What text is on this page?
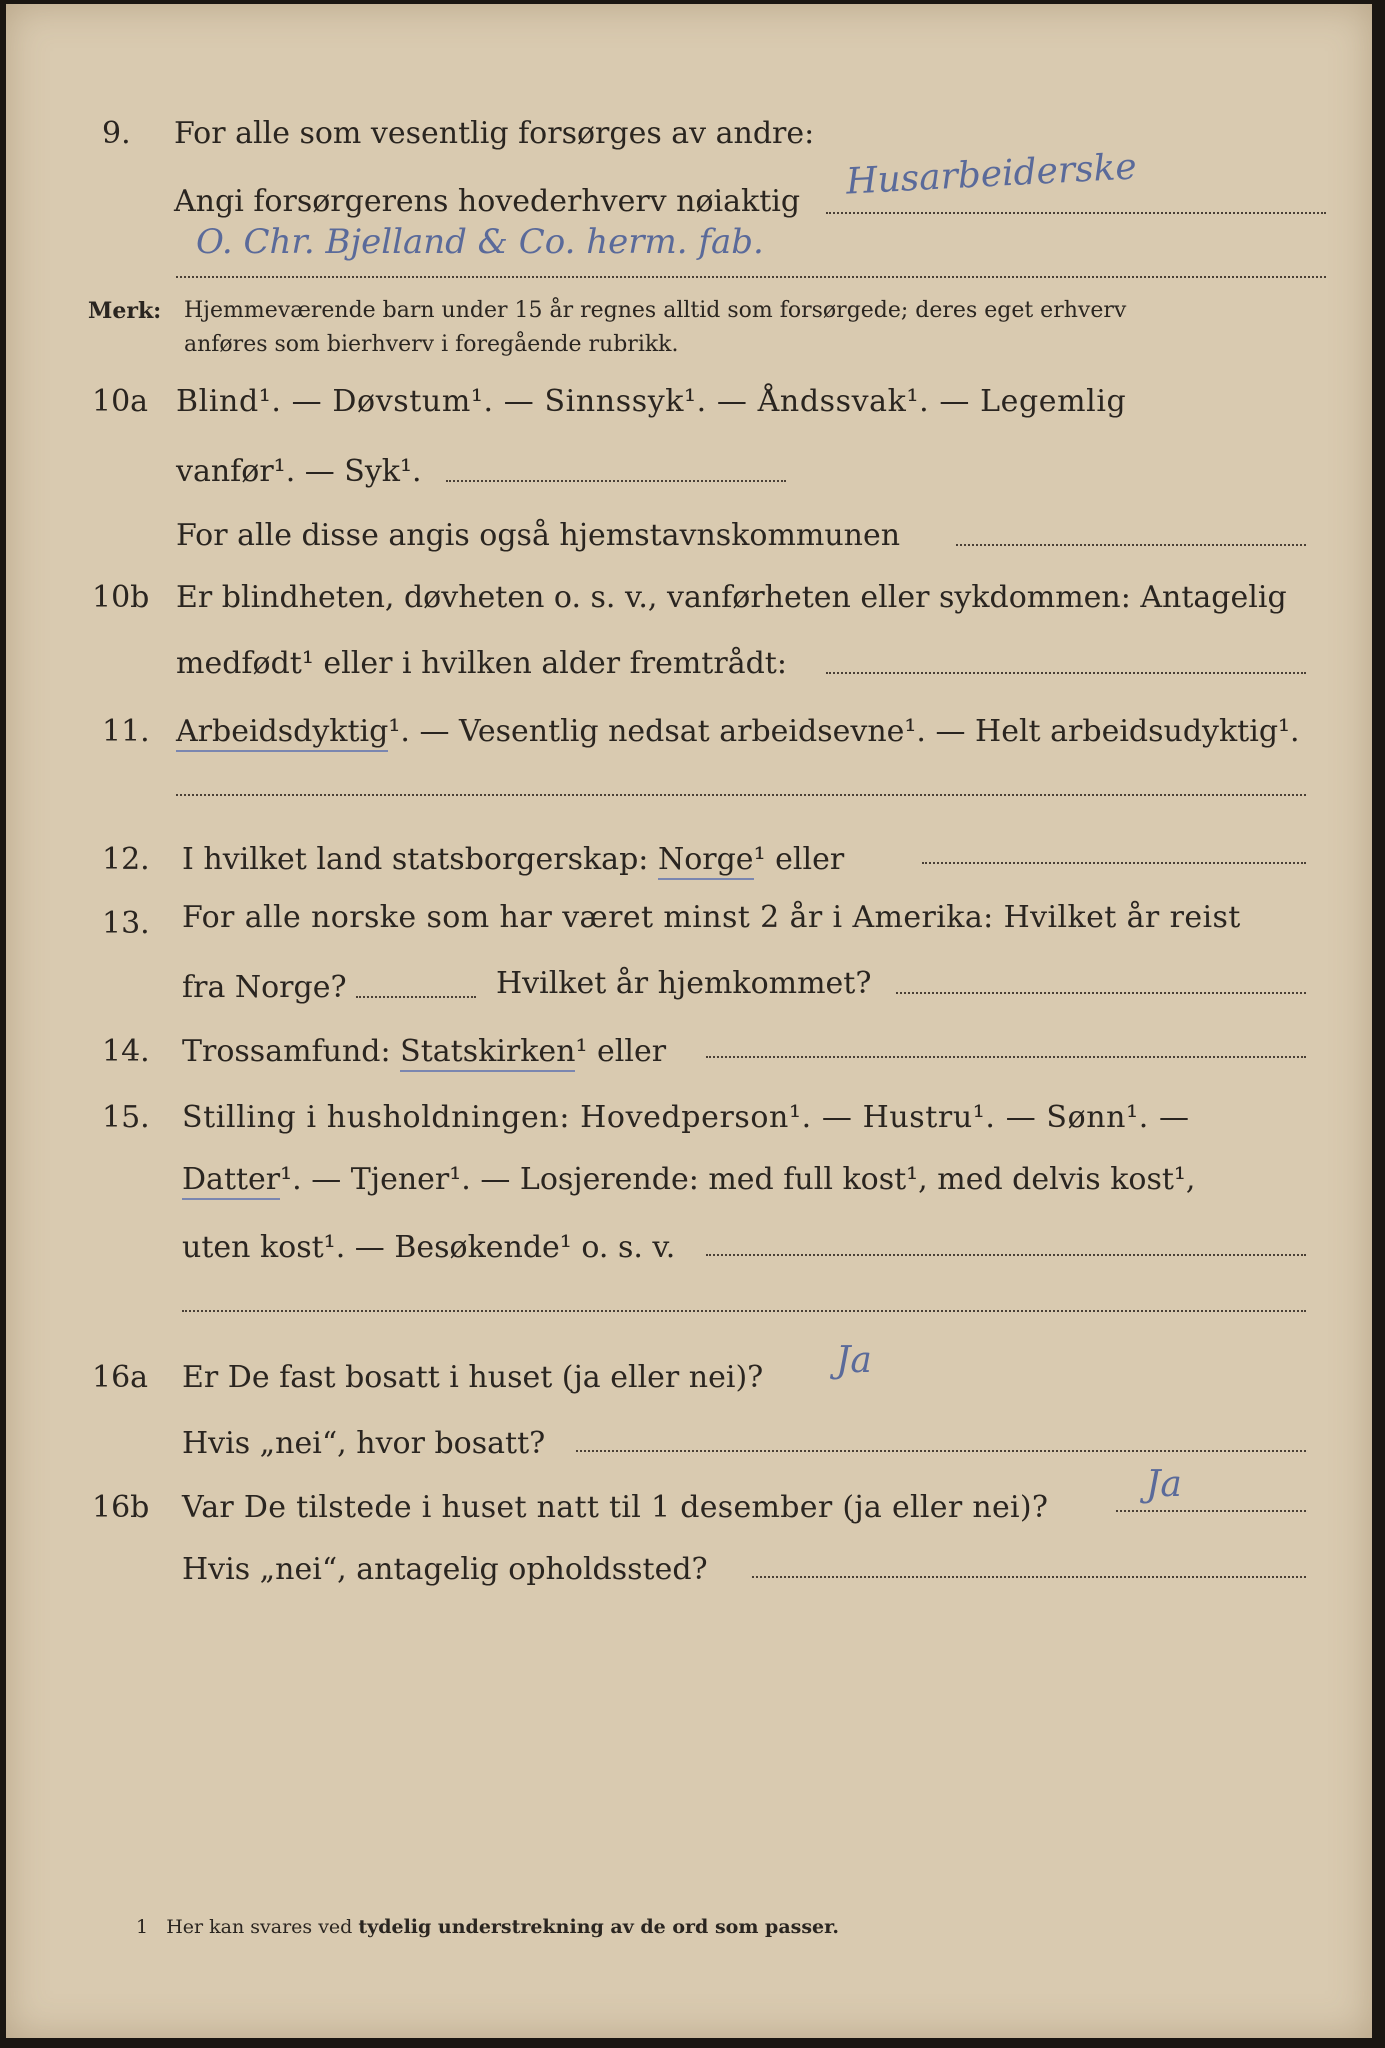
9. For alle som vesentlig forsørges av andre:
Angi forsørgerens hovederhverv nøiaktig Husarbeiderske
O. Chr. Bjelland & Co. herm. fab.
Merk: Hjemmeværende barn under 15 år regnes alltid som forsørgede; deres eget erhverv
anføres som bierhverv i foregående rubrikk.
10a Blind¹. — Døvstum¹. — Sinnssyk¹. — Åndssvak¹. — Legemlig
vanfør¹. — Syk¹.
For alle disse angis også hjemstavnskommunen
10b Er blindheten, døvheten o. s. v., vanførheten eller sykdommen: Antagelig
medfødt¹ eller i hvilken alder fremtrådt:
11. Arbeidsdyktig¹. — Vesentlig nedsat arbeidsevne¹. — Helt arbeidsudyktig¹.
12. I hvilket land statsborgerskap: Norge¹ eller
13. For alle norske som har været minst 2 år i Amerika: Hvilket år reist
fra Norge?	Hvilket år hjemkommet?
14. Trossamfund: Statskirken¹ eller
15. Stilling i husholdningen: Hovedperson¹. — Hustru¹. — Sønn¹. —
Datter¹. — Tjener¹. — Losjerende: med full kost¹, med delvis kost¹,
uten kost¹. — Besøkende¹ o. s. v.
16a Er De fast bosatt i huset (ja eller nei)? Ja
Hvis „nei“, hvor bosatt?
16b Var De tilstede i huset natt til 1 desember (ja eller nei)?
Ja
Hvis „nei“, antagelig opholdssted?
1 Her kan svares ved tydelig understrekning av de ord som passer.
